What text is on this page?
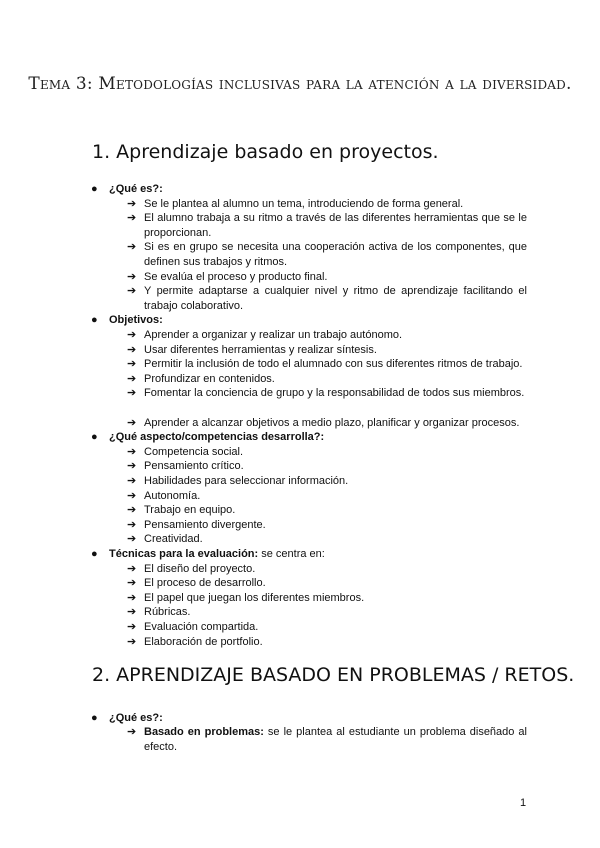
Tema 3: Metodologías inclusivas para la atención a la diversidad.
1. Aprendizaje basado en proyectos.
● ¿Qué es?:
➔ Se le plantea al alumno un tema, introduciendo de forma general.
➔ El alumno trabaja a su ritmo a través de las diferentes herramientas que se le proporcionan.
➔ Si es en grupo se necesita una cooperación activa de los componentes, que definen sus trabajos y ritmos.
➔ Se evalúa el proceso y producto final.
➔ Y permite adaptarse a cualquier nivel y ritmo de aprendizaje facilitando el trabajo colaborativo.
● Objetivos:
➔ Aprender a organizar y realizar un trabajo autónomo.
➔ Usar diferentes herramientas y realizar síntesis.
➔ Permitir la inclusión de todo el alumnado con sus diferentes ritmos de trabajo.
➔ Profundizar en contenidos.
➔ Fomentar la conciencia de grupo y la responsabilidad de todos sus miembros.
➔ Aprender a alcanzar objetivos a medio plazo, planificar y organizar procesos.
● ¿Qué aspecto/competencias desarrolla?:
➔ Competencia social.
➔ Pensamiento crítico.
➔ Habilidades para seleccionar información.
➔ Autonomía.
➔ Trabajo en equipo.
➔ Pensamiento divergente.
➔ Creatividad.
● Técnicas para la evaluación: se centra en:
➔ El diseño del proyecto.
➔ El proceso de desarrollo.
➔ El papel que juegan los diferentes miembros.
➔ Rúbricas.
➔ Evaluación compartida.
➔ Elaboración de portfolio.
2. APRENDIZAJE BASADO EN PROBLEMAS / RETOS.
● ¿Qué es?:
➔ Basado en problemas: se le plantea al estudiante un problema diseñado al efecto.
1
